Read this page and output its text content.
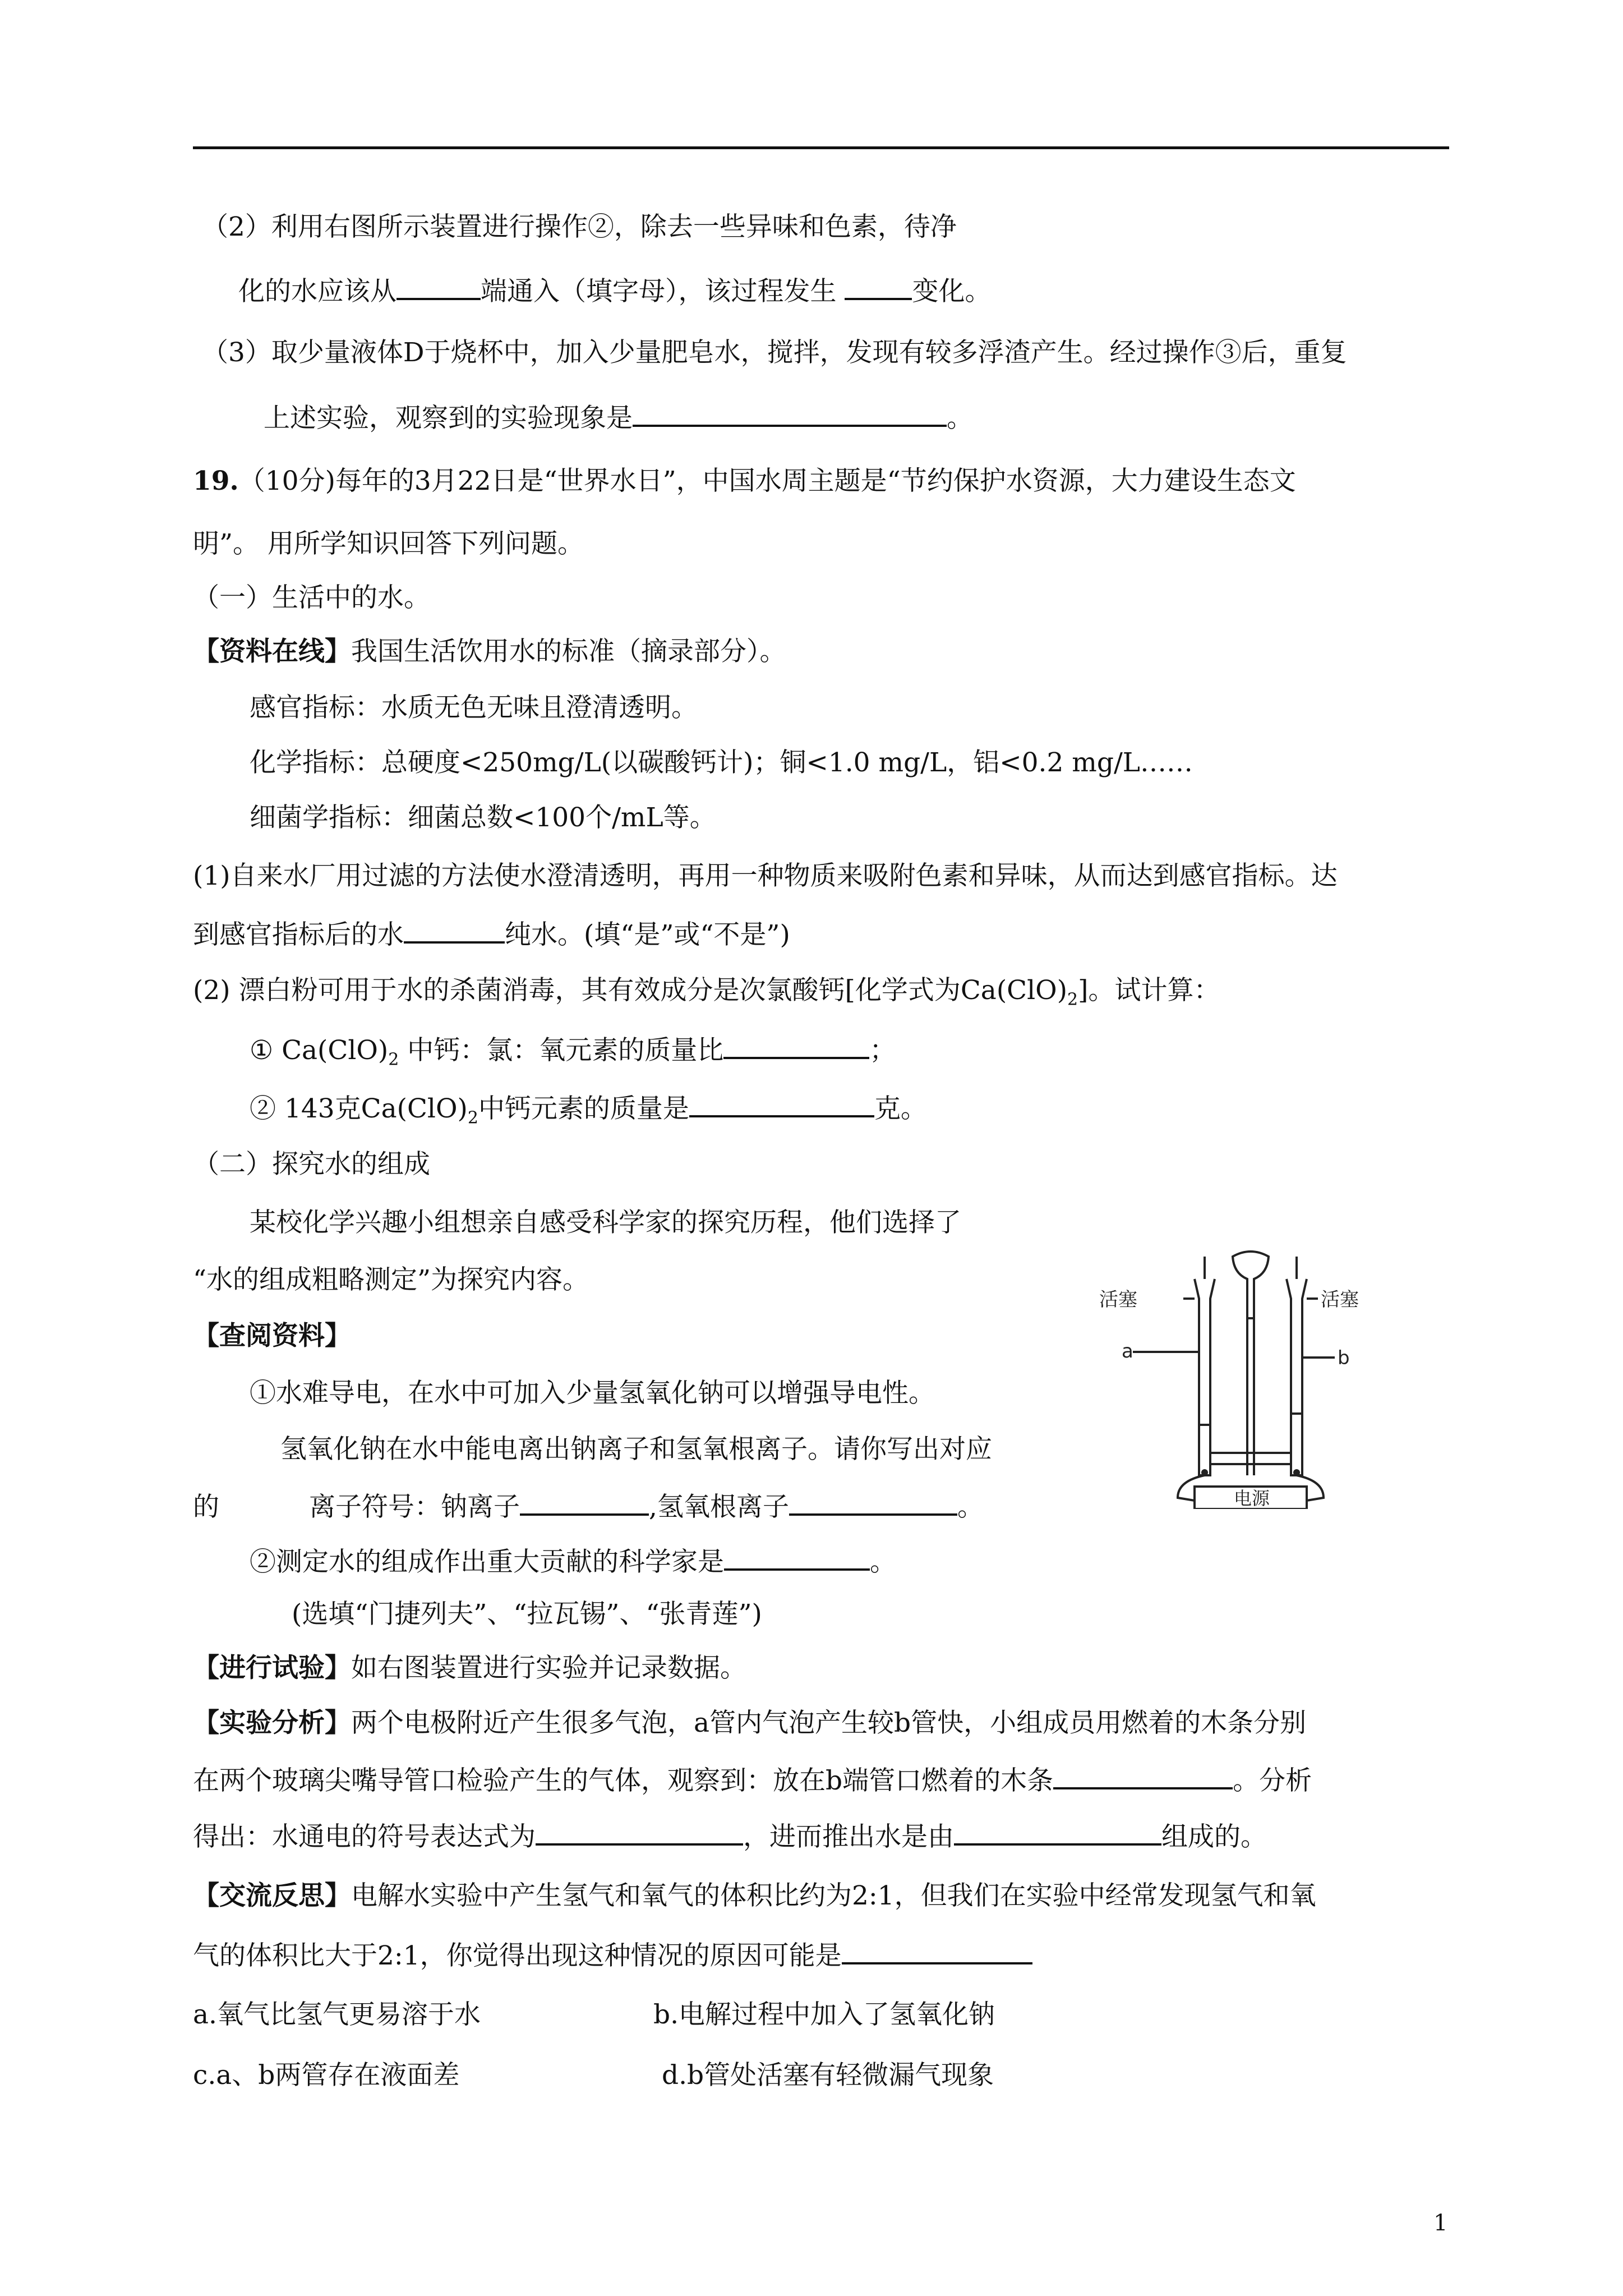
（2）利用右图所示装置进行操作②，除去一些异味和色素，待净
化的水应该从	端通入（填字母），该过程发生	变化。
（3）取少量液体D于烧杯中，加入少量肥皂水，搅拌，发现有较多浮渣产生。经过操作③后，重复
上述实验，观察到的实验现象是	。
19.（10分)每年的3月22日是“世界水日”，中国水周主题是“节约保护水资源，大力建设生态文
明”。 用所学知识回答下列问题。
（一）生活中的水。
【资料在线】我国生活饮用水的标准（摘录部分）。
感官指标：水质无色无味且澄清透明。
化学指标：总硬度<250mg/L(以碳酸钙计)；铜<1.0 mg/L，铝<0.2 mg/L……
细菌学指标：细菌总数<100个/mL等。
(1)自来水厂用过滤的方法使水澄清透明，再用一种物质来吸附色素和异味，从而达到感官指标。达
到感官指标后的水	纯水。(填“是”或“不是”)
(2) 漂白粉可用于水的杀菌消毒，其有效成分是次氯酸钙[化学式为$Ca(ClO)_2$]。试计算：
① $Ca(ClO)_2$ 中钙：氯：氧元素的质量比	；
② 143克$Ca(ClO)_2$中钙元素的质量是	克。
（二）探究水的组成
某校化学兴趣小组想亲自感受科学家的探究历程，他们选择了
“水的组成粗略测定”为探究内容。
【查阅资料】
①水难导电，在水中可加入少量氢氧化钠可以增强导电性。
氢氧化钠在水中能电离出钠离子和氢氧根离子。请你写出对应
的	离子符号：钠离子	,氢氧根离子	。
②测定水的组成作出重大贡献的科学家是	。
(选填“门捷列夫”、“拉瓦锡”、“张青莲”)
【进行试验】如右图装置进行实验并记录数据。
【实验分析】两个电极附近产生很多气泡，a管内气泡产生较b管快，小组成员用燃着的木条分别
在两个玻璃尖嘴导管口检验产生的气体，观察到：放在b端管口燃着的木条	。分析
得出：水通电的符号表达式为	，进而推出水是由	组成的。
【交流反思】电解水实验中产生氢气和氧气的体积比约为2:1，但我们在实验中经常发现氢气和氧
气的体积比大于2:1，你觉得出现这种情况的原因可能是
a.氧气比氢气更易溶于水	b.电解过程中加入了氢氧化钠
c.a、b两管存在液面差	d.b管处活塞有轻微漏气现象
活塞	活塞
a	b
电源
1
